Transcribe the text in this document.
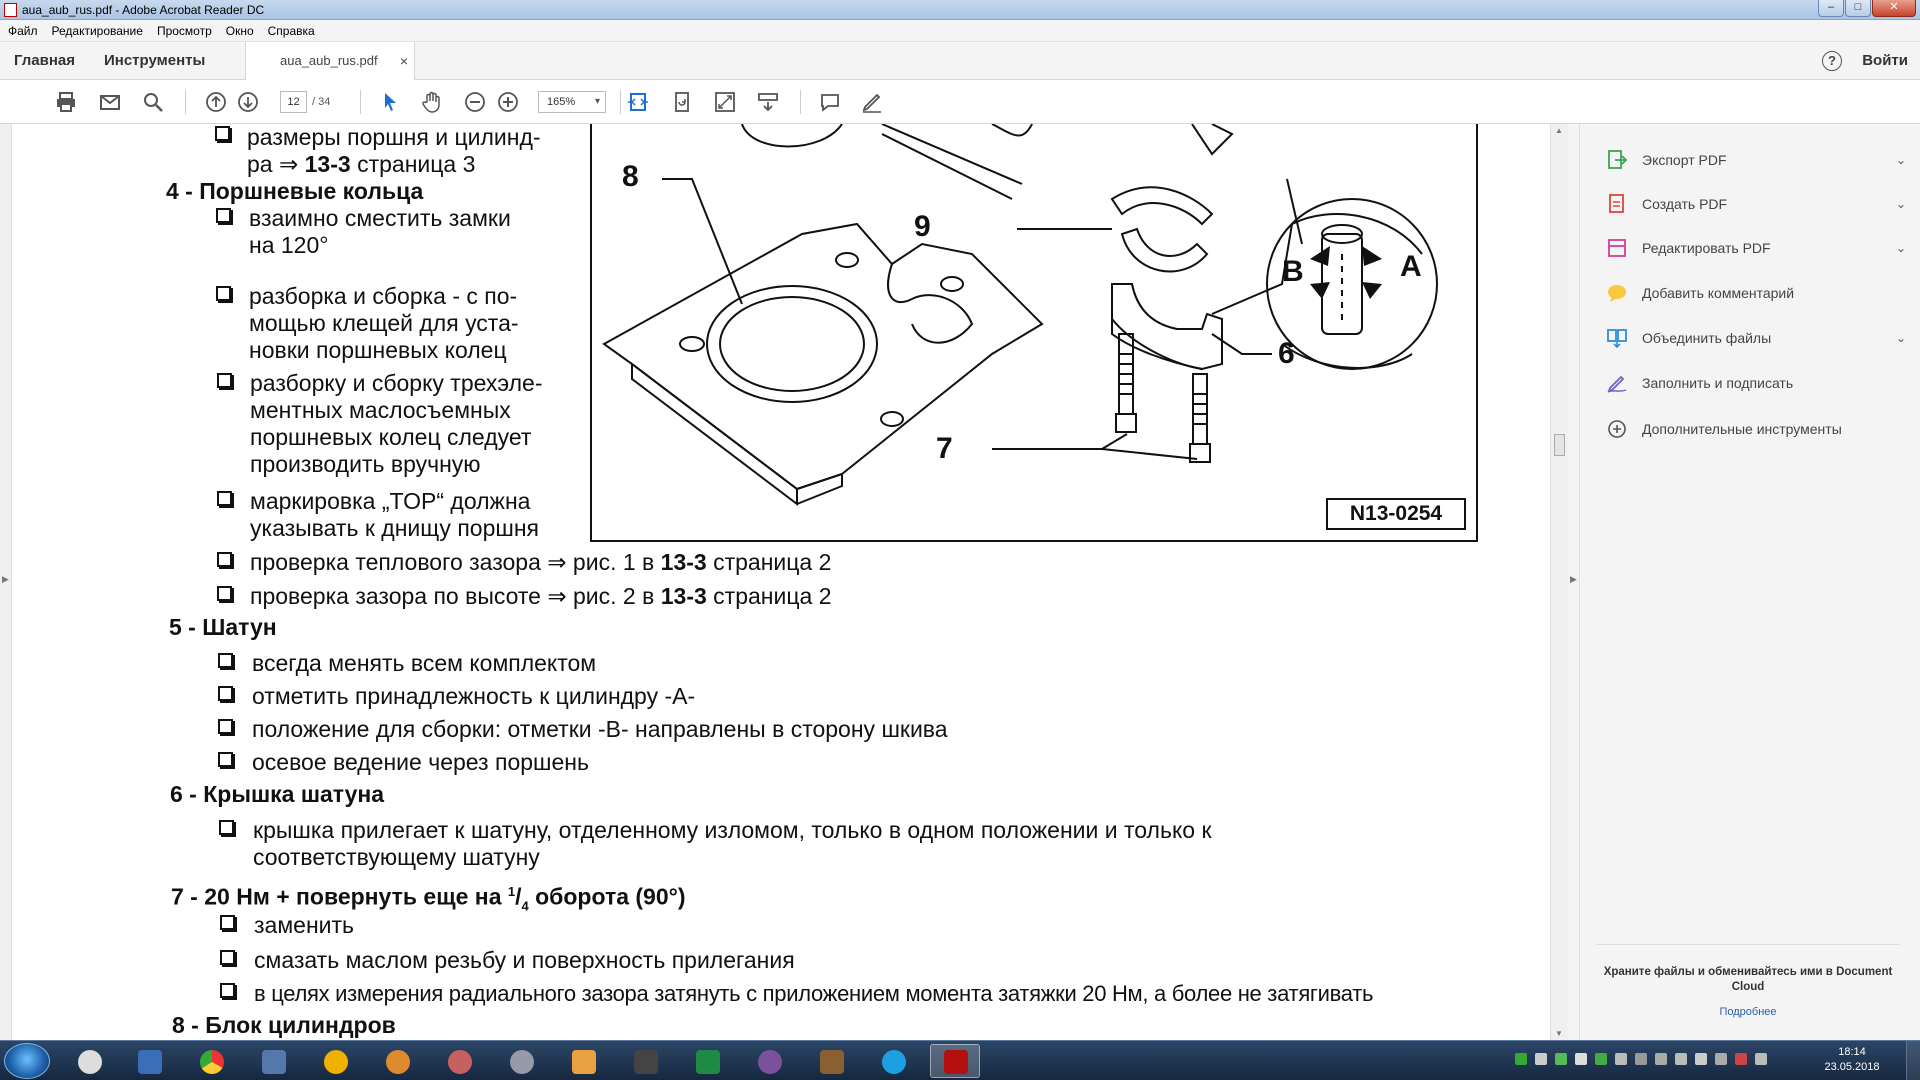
aua_aub_rus.pdf - Adobe Acrobat Reader DC	–	□	✕
Файл Редактирование Просмотр Окно Справка
Главная Инструменты	aua_aub_rus.pdf ×	?	Войти
12	/ 34	165% ▾
▶
8
9
6
7
B	A
N13-0254
размеры поршня и цилинд-
ра ⇒ 13-3 страница 3
4 - Поршневые кольца
взаимно сместить замки
на 120°
разборка и сборка - с по-
мощью клещей для уста-
новки поршневых колец
разборку и сборку трехэле-
ментных маслосъемных
поршневых колец следует
производить вручную
маркировка „TOP“ должна
указывать к днищу поршня
проверка теплового зазора ⇒ рис. 1 в 13-3 страница 2
проверка зазора по высоте ⇒ рис. 2 в 13-3 страница 2
5 - Шатун
всегда менять всем комплектом
отметить принадлежность к цилиндру -А-
положение для сборки: отметки -В- направлены в сторону шкива
осевое ведение через поршень
6 - Крышка шатуна
крышка прилегает к шатуну, отделенному изломом, только в одном положении и только к
соответствующему шатуну
7 - 20 Нм + повернуть еще на $^1/_4$ оборота (90°)
заменить
смазать маслом резьбу и поверхность прилегания
в целях измерения радиального зазора затянуть с приложением момента затяжки 20 Нм, а более не затягивать
8 - Блок цилиндров
▲
▼
▶
Экспорт PDF	⌄
Создать PDF	⌄
Редактировать PDF	⌄
Добавить комментарий
Объединить файлы	⌄
Заполнить и подписать
Дополнительные инструменты
Храните файлы и обменивайтесь ими в Document Cloud
Подробнее
18:14
23.05.2018
